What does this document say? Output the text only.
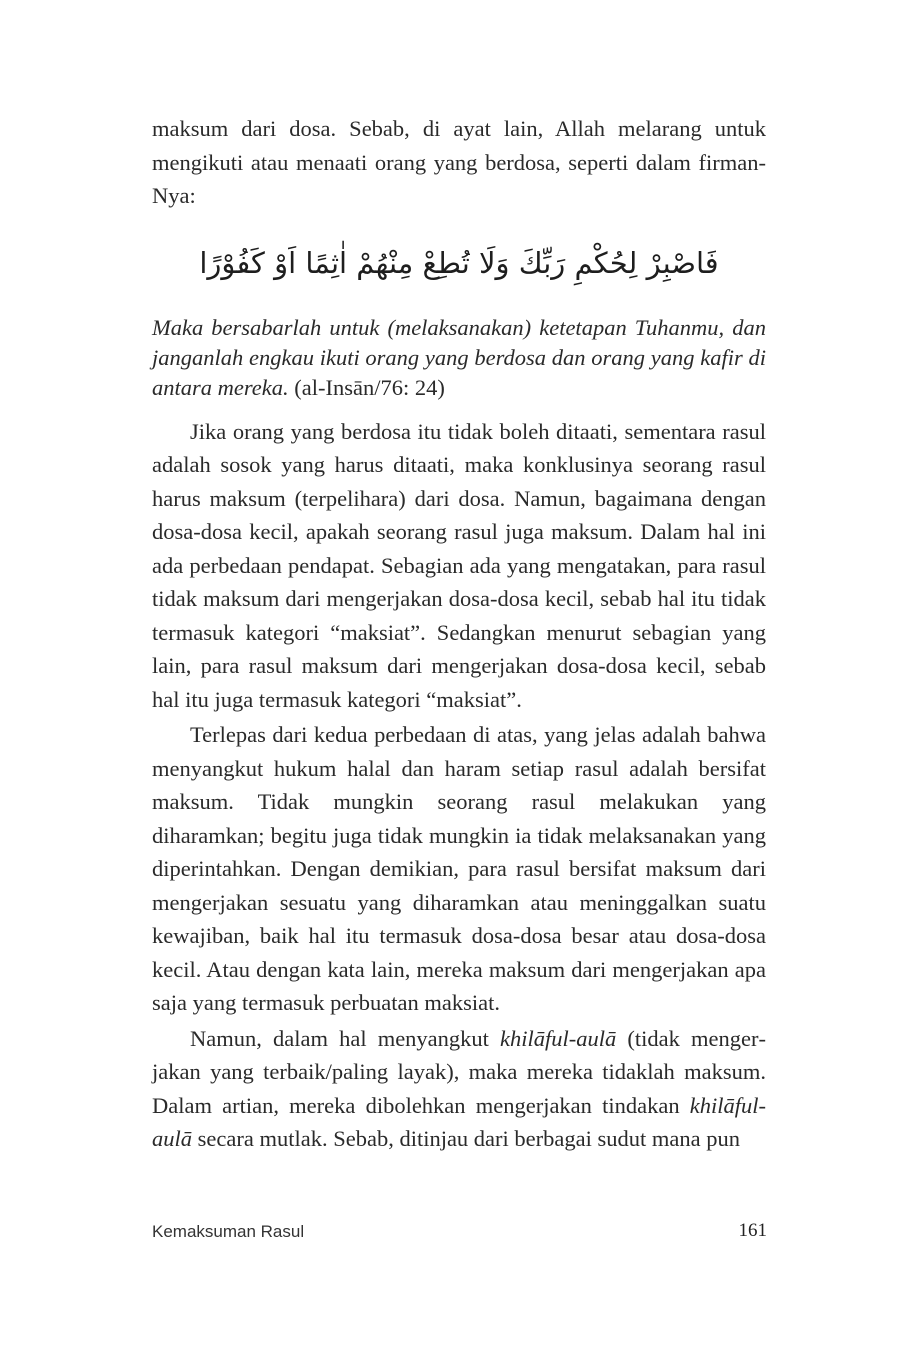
maksum dari dosa. Sebab, di ayat lain, Allah melarang untuk mengikuti atau menaati orang yang berdosa, seperti dalam firman-Nya:

فَاصْبِرْ لِحُكْمِ رَبِّكَ وَلَا تُطِعْ مِنْهُمْ اٰثِمًا اَوْ كَفُوْرًا

Maka bersabarlah untuk (melaksanakan) ketetapan Tuhanmu, dan janganlah engkau ikuti orang yang berdosa dan orang yang kafir di antara mereka. (al-Insān/76: 24)

Jika orang yang berdosa itu tidak boleh ditaati, sementara rasul adalah sosok yang harus ditaati, maka konklusinya seorang rasul harus maksum (terpelihara) dari dosa. Namun, bagaimana dengan dosa-dosa kecil, apakah seorang rasul juga maksum. Dalam hal ini ada perbedaan pendapat. Sebagian ada yang mengatakan, para rasul tidak maksum dari mengerjakan dosa-dosa kecil, sebab hal itu tidak termasuk kategori “maksiat”. Sedangkan menurut sebagian yang lain, para rasul maksum dari mengerjakan dosa-dosa kecil, sebab hal itu juga termasuk kategori “maksiat”.

Terlepas dari kedua perbedaan di atas, yang jelas adalah bahwa menyangkut hukum halal dan haram setiap rasul adalah bersifat maksum. Tidak mungkin seorang rasul melakukan yang diharamkan; begitu juga tidak mungkin ia tidak melaksanakan yang diperintahkan. Dengan demikian, para rasul bersifat maksum dari mengerjakan sesuatu yang diharamkan atau meninggalkan suatu kewajiban, baik hal itu termasuk dosa-dosa besar atau dosa-dosa kecil. Atau dengan kata lain, mereka maksum dari mengerjakan apa saja yang termasuk perbuatan maksiat.

Namun, dalam hal menyangkut khilāful-aulā (tidak mengerjakan yang terbaik/paling layak), maka mereka tidaklah maksum. Dalam artian, mereka dibolehkan mengerjakan tindakan khilāful-aulā secara mutlak. Sebab, ditinjau dari berbagai sudut mana pun

Kemaksuman Rasul	161
